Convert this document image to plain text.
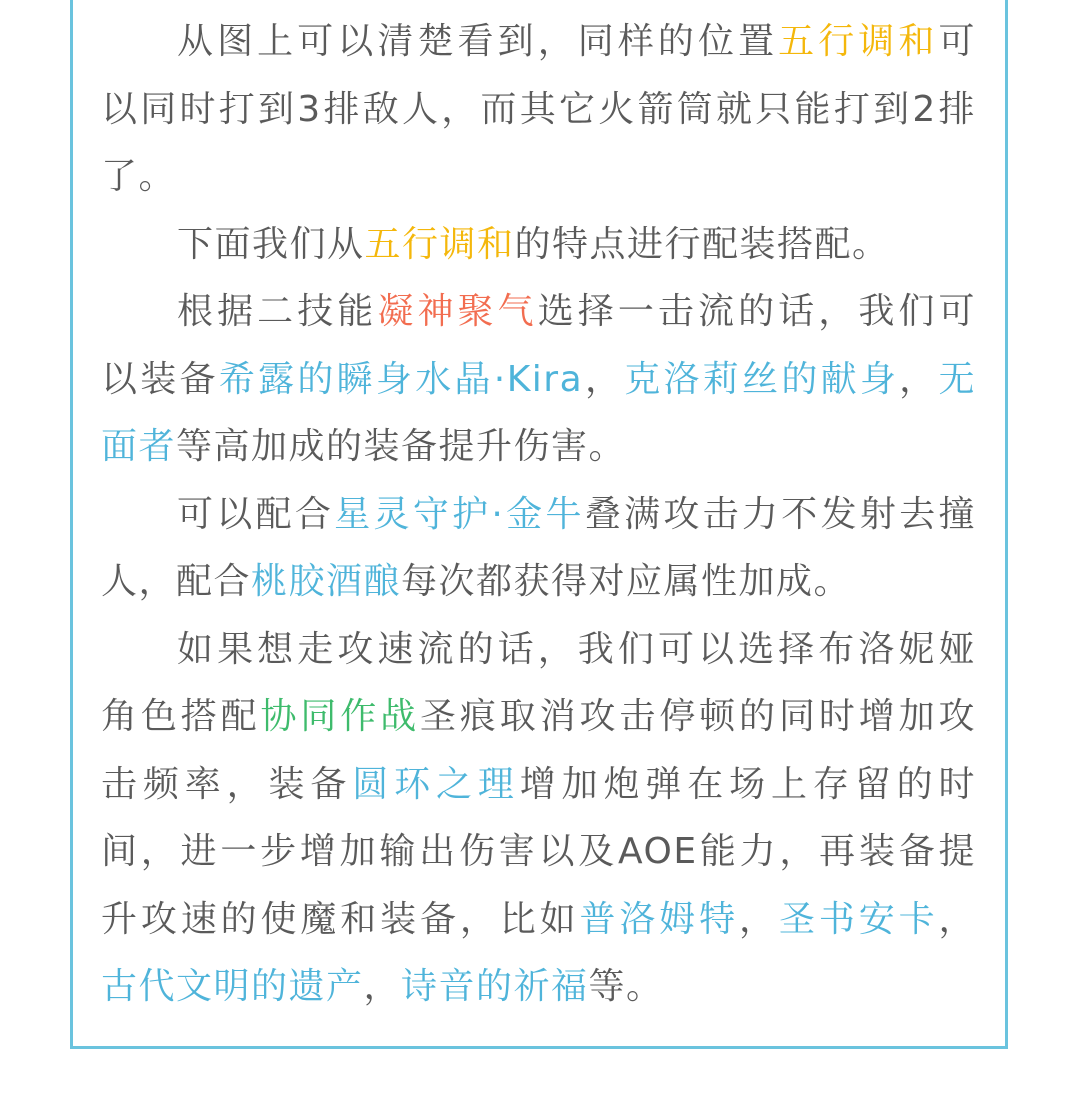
从图上可以清楚看到，同样的位置五行调和可
以同时打到3排敌人，而其它火箭筒就只能打到2排
了。
下面我们从五行调和的特点进行配装搭配。
根据二技能凝神聚气选择一击流的话，我们可
以装备希露的瞬身水晶·Kira，克洛莉丝的献身，无
面者等高加成的装备提升伤害。
可以配合星灵守护·金牛叠满攻击力不发射去撞
人，配合桃胶酒酿每次都获得对应属性加成。
如果想走攻速流的话，我们可以选择布洛妮娅
角色搭配协同作战圣痕取消攻击停顿的同时增加攻
击频率，装备圆环之理增加炮弹在场上存留的时
间，进一步增加输出伤害以及AOE能力，再装备提
升攻速的使魔和装备，比如普洛姆特，圣书安卡，
古代文明的遗产，诗音的祈福等。
